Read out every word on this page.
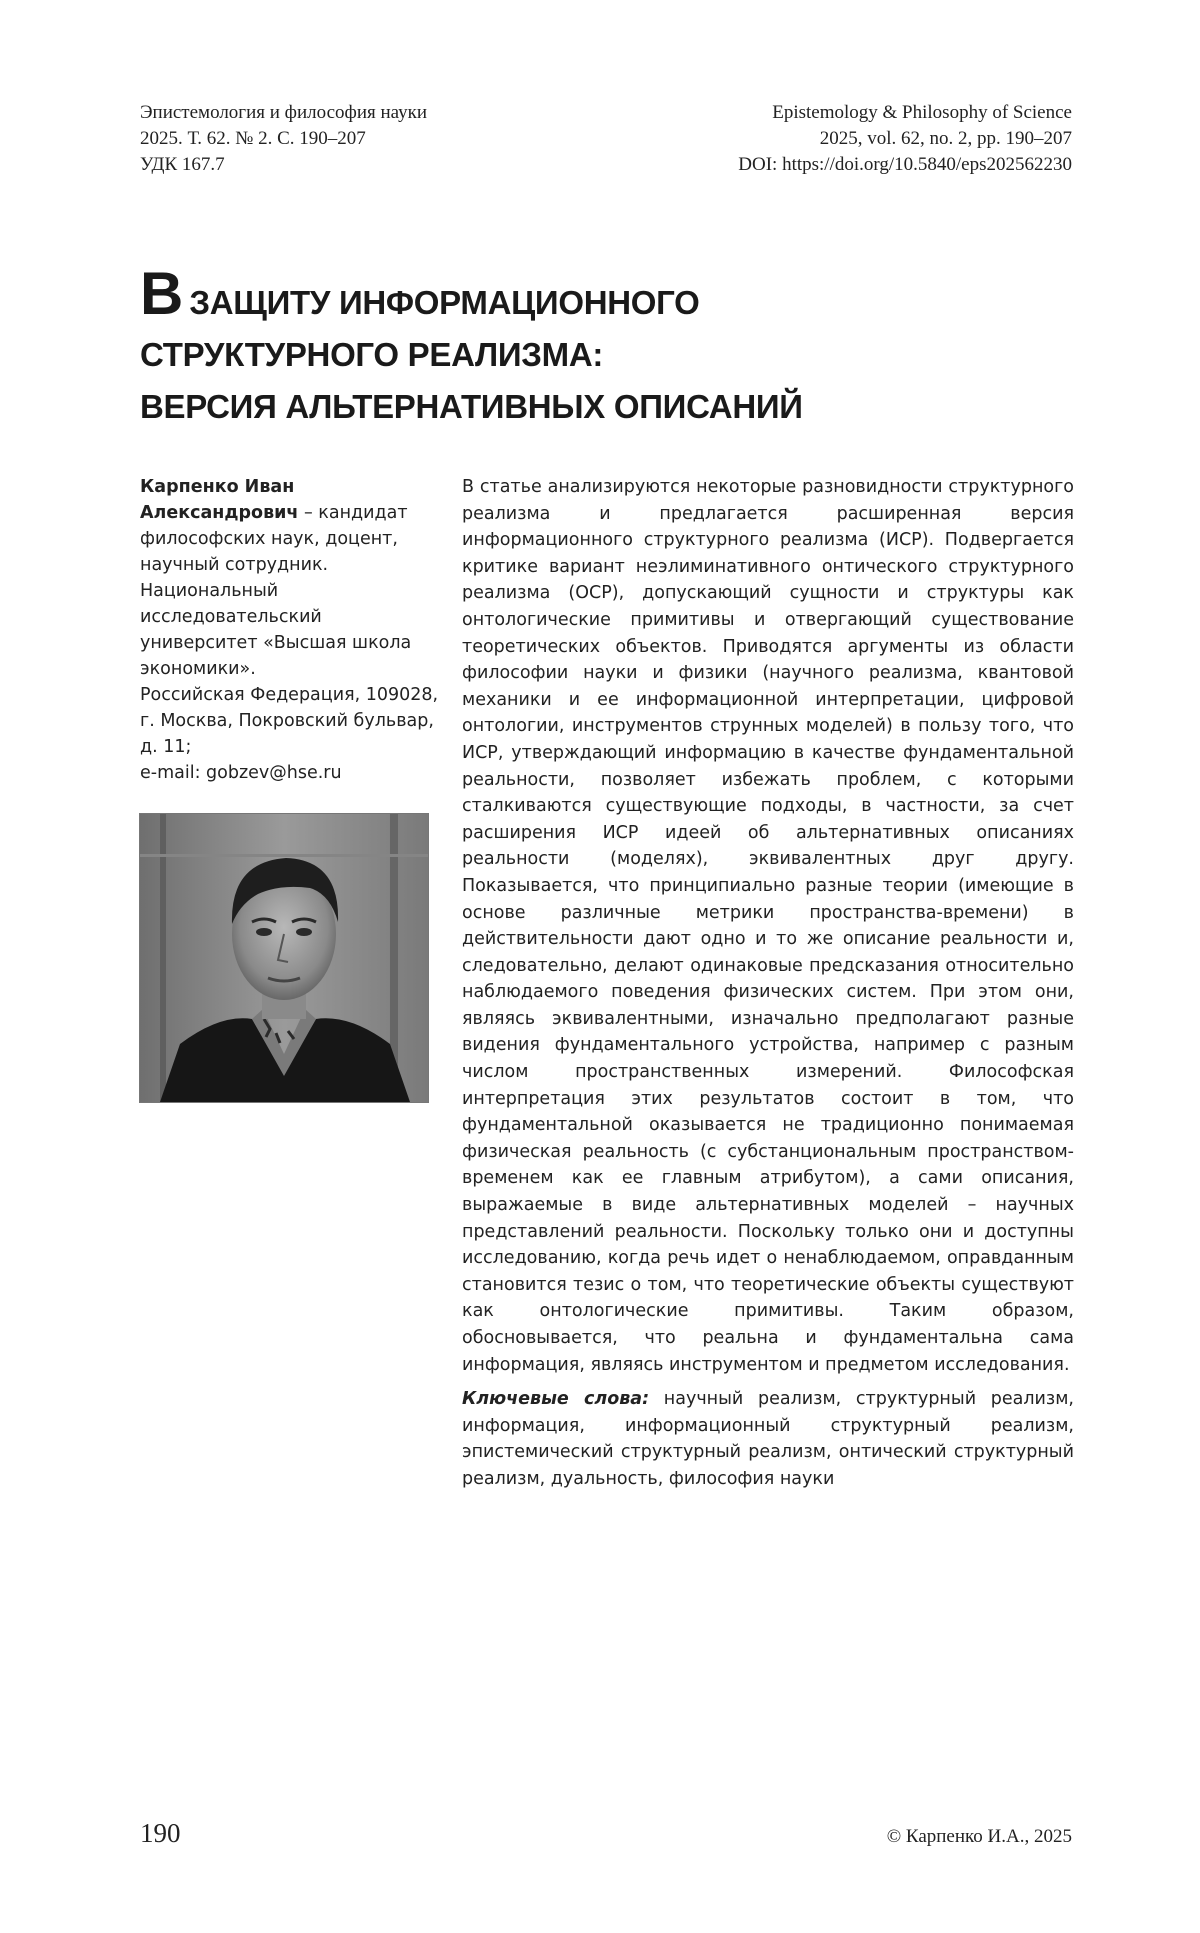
Эпистемология и философия науки
2025. Т. 62. № 2. С. 190–207
УДК 167.7
Epistemology & Philosophy of Science
2025, vol. 62, no. 2, pp. 190–207
DOI: https://doi.org/10.5840/eps202562230
ВЗАЩИТУ ИНФОРМАЦИОННОГО
СТРУКТУРНОГО РЕАЛИЗМА:
ВЕРСИЯ АЛЬТЕРНАТИВНЫХ ОПИСАНИЙ
Карпенко Иван Александрович – кандидат философских наук, доцент, научный сотрудник.
Национальный исследовательский университет «Высшая школа экономики».
Российская Федерация, 109028, г. Москва, Покровский бульвар, д. 11;
e-mail: gobzev@hse.ru

В статье анализируются некоторые разновидности структурного реализма и предлагается расширенная версия информационного структурного реализма (ИСР). Подвергается критике вариант неэлиминативного онтического структурного реализма (ОСР), допускающий сущности и структуры как онтологические примитивы и отвергающий существование теоретических объектов. Приводятся аргументы из области философии науки и физики (научного реализма, квантовой механики и ее информационной интерпретации, цифровой онтологии, инструментов струнных моделей) в пользу того, что ИСР, утверждающий информацию в качестве фундаментальной реальности, позволяет избежать проблем, с которыми сталкиваются существующие подходы, в частности, за счет расширения ИСР идеей об альтернативных описаниях реальности (моделях), эквивалентных друг другу. Показывается, что принципиально разные теории (имеющие в основе различные метрики пространства-времени) в действительности дают одно и то же описание реальности и, следовательно, делают одинаковые предсказания относительно наблюдаемого поведения физических систем. При этом они, являясь эквивалентными, изначально предполагают разные видения фундаментального устройства, например с разным числом пространственных измерений. Философская интерпретация этих результатов состоит в том, что фундаментальной оказывается не традиционно понимаемая физическая реальность (с субстанциональным пространством-временем как ее главным атрибутом), а сами описания, выражаемые в виде альтернативных моделей – научных представлений реальности. Поскольку только они и доступны исследованию, когда речь идет о ненаблюдаемом, оправданным становится тезис о том, что теоретические объекты существуют как онтологические примитивы. Таким образом, обосновывается, что реальна и фундаментальна сама информация, являясь инструментом и предметом исследования.

Ключевые слова: научный реализм, структурный реализм, информация, информационный структурный реализм, эпистемический структурный реализм, онтический структурный реализм, дуальность, философия науки

190	© Карпенко И.А., 2025
